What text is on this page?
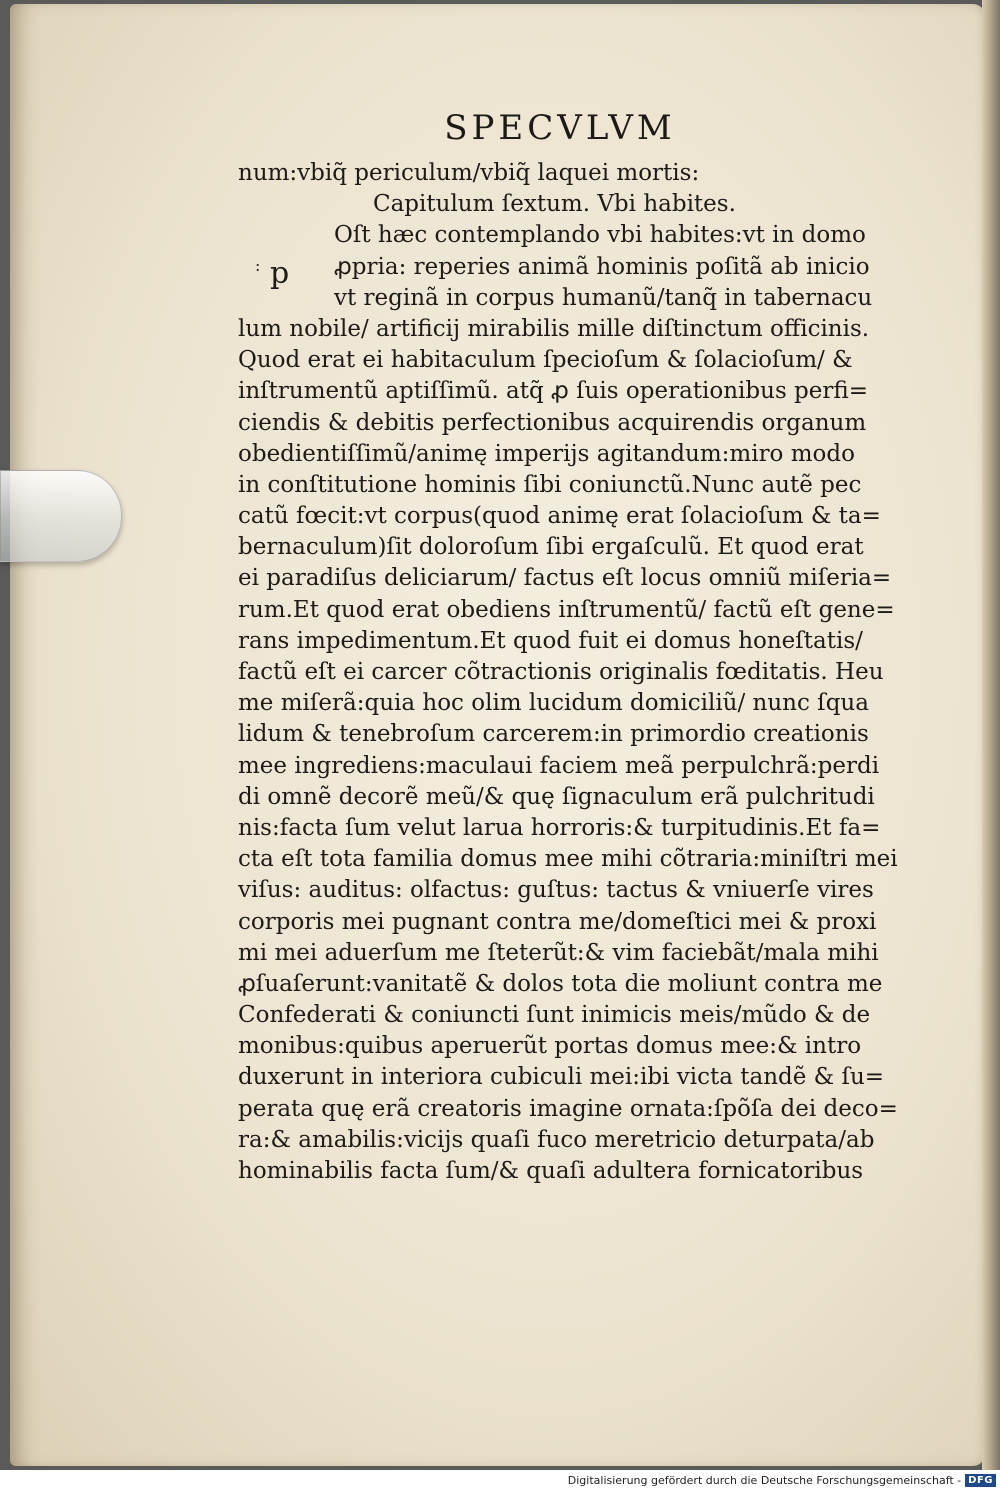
SPECVLVM
: p
num:vbiq̃ periculum/vbiq̃ laquei mortis:
Capitulum ſextum. Vbi habites.
Oſt hæc contemplando vbi habites:vt in domo
ꝓpria: reperies animã hominis poſitã ab inicio
vt reginã in corpus humanũ/tanq̃ in tabernacu
lum nobile/ artificij mirabilis mille diſtinctum officinis.
Quod erat ei habitaculum ſpecioſum & ſolacioſum/ &
inſtrumentũ aptiſſimũ. atq̃ ꝓ ſuis operationibus perfi=
ciendis & debitis perfectionibus acquirendis organum
obedientiſſimũ/animę imperijs agitandum:miro modo
in conſtitutione hominis ſibi coniunctũ.Nunc autẽ pec
catũ fœcit:vt corpus(quod animę erat ſolacioſum & ta=
bernaculum)ſit doloroſum ſibi ergaſculũ. Et quod erat
ei paradiſus deliciarum/ factus eſt locus omniũ miſeria=
rum.Et quod erat obediens inſtrumentũ/ factũ eſt gene=
rans impedimentum.Et quod fuit ei domus honeſtatis/
factũ eſt ei carcer cõtractionis originalis fœditatis. Heu
me miſerã:quia hoc olim lucidum domiciliũ/ nunc ſqua
lidum & tenebroſum carcerem:in primordio creationis
mee ingrediens:maculaui faciem meã perpulchrã:perdi
di omnẽ decorẽ meũ/& quę ſignaculum erã pulchritudi
nis:facta ſum velut larua horroris:& turpitudinis.Et fa=
cta eſt tota familia domus mee mihi cõtraria:miniſtri mei
viſus: auditus: olfactus: guſtus: tactus & vniuerſe vires
corporis mei pugnant contra me/domeſtici mei & proxi
mi mei aduerſum me ſteterũt:& vim faciebãt/mala mihi
ꝓſuaſerunt:vanitatẽ & dolos tota die moliunt contra me
Confederati & coniuncti ſunt inimicis meis/mũdo & de
monibus:quibus aperuerũt portas domus mee:& intro
duxerunt in interiora cubiculi mei:ibi victa tandẽ & ſu=
perata quę erã creatoris imagine ornata:ſpõſa dei deco=
ra:& amabilis:vicijs quaſi fuco meretricio deturpata/ab
hominabilis facta ſum/& quaſi adultera fornicatoribus
Digitalisierung gefördert durch die Deutsche Forschungsgemeinschaft - DFG
